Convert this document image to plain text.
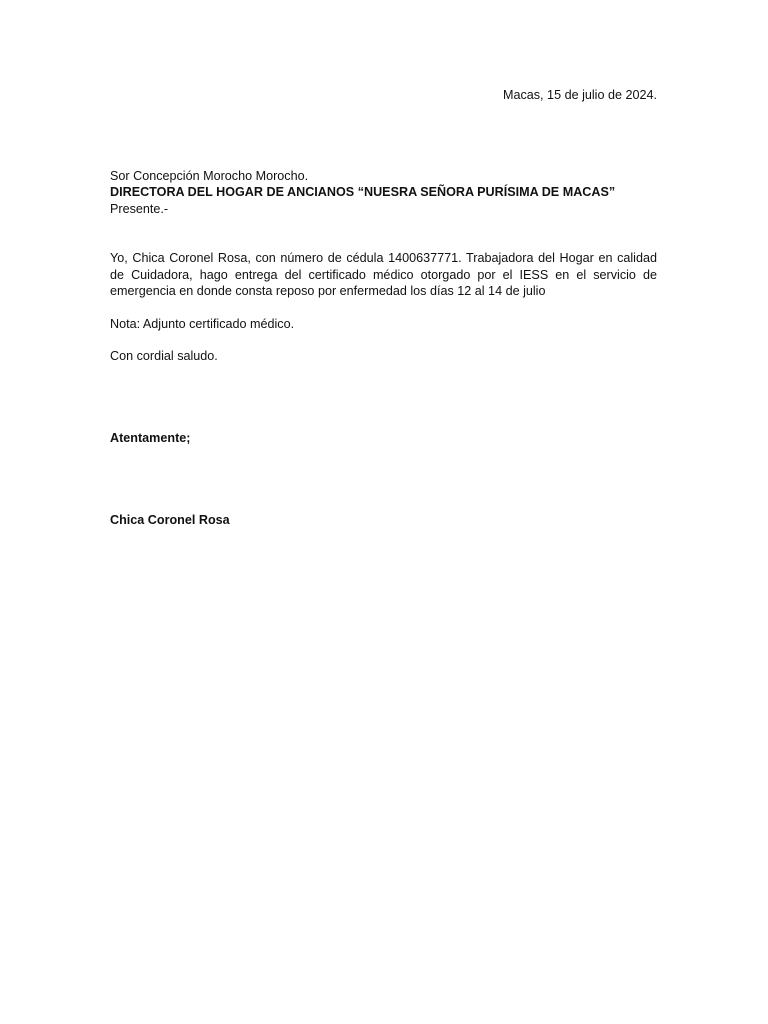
Macas, 15 de julio de 2024.
Sor Concepción Morocho Morocho.
DIRECTORA DEL HOGAR DE ANCIANOS “NUESRA SEÑORA PURÍSIMA DE MACAS”
Presente.-
Yo, Chica Coronel Rosa, con número de cédula 1400637771. Trabajadora del Hogar en calidad
de Cuidadora, hago entrega del certificado médico otorgado por el IESS en el servicio de
emergencia en donde consta reposo por enfermedad los días 12 al 14 de julio
Nota: Adjunto certificado médico.
Con cordial saludo.
Atentamente;
Chica Coronel Rosa
